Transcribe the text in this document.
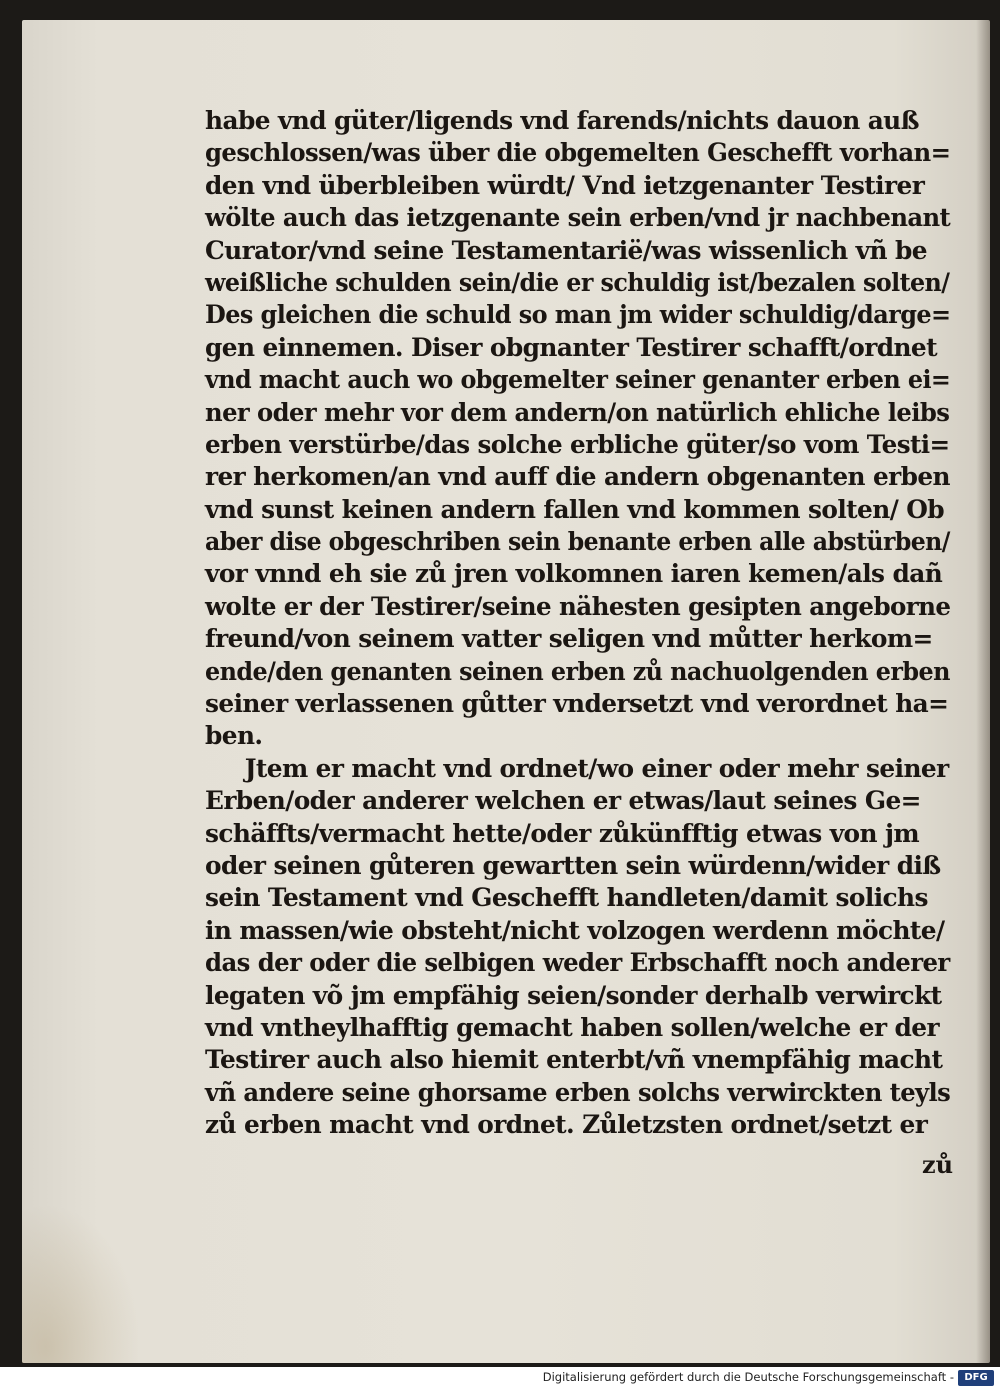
habe vnd güter/ligends vnd farends/nichts dauon auß
geschlossen/was über die obgemelten Geschefft vorhan=
den vnd überbleiben würdt/ Vnd ietzgenanter Testirer
wölte auch das ietzgenante sein erben/vnd jr nachbenant
Curator/vnd seine Testamentarië/was wissenlich vñ be
weißliche schulden sein/die er schuldig ist/bezalen solten/
Des gleichen die schuld so man jm wider schuldig/darge=
gen einnemen. Diser obgnanter Testirer schafft/ordnet
vnd macht auch wo obgemelter seiner genanter erben ei=
ner oder mehr vor dem andern/on natürlich ehliche leibs
erben verstürbe/das solche erbliche güter/so vom Testi=
rer herkomen/an vnd auff die andern obgenanten erben
vnd sunst keinen andern fallen vnd kommen solten/ Ob
aber dise obgeschriben sein benante erben alle abstürben/
vor vnnd eh sie zů jren volkomnen iaren kemen/als dañ
wolte er der Testirer/seine nähesten gesipten angeborne
freund/von seinem vatter seligen vnd můtter herkom=
ende/den genanten seinen erben zů nachuolgenden erben
seiner verlassenen gůtter vndersetzt vnd verordnet ha=
ben.
Jtem er macht vnd ordnet/wo einer oder mehr seiner
Erben/oder anderer welchen er etwas/laut seines Ge=
schäffts/vermacht hette/oder zůkünfftig etwas von jm
oder seinen gůteren gewartten sein würdenn/wider diß
sein Testament vnd Geschefft handleten/damit solichs
in massen/wie obsteht/nicht volzogen werdenn möchte/
das der oder die selbigen weder Erbschafft noch anderer
legaten võ jm empfähig seien/sonder derhalb verwirckt
vnd vntheylhafftig gemacht haben sollen/welche er der
Testirer auch also hiemit enterbt/vñ vnempfähig macht
vñ andere seine ghorsame erben solchs verwirckten teyls
zů erben macht vnd ordnet. Zůletzsten ordnet/setzt er
zů
Digitalisierung gefördert durch die Deutsche Forschungsgemeinschaft -	DFG
